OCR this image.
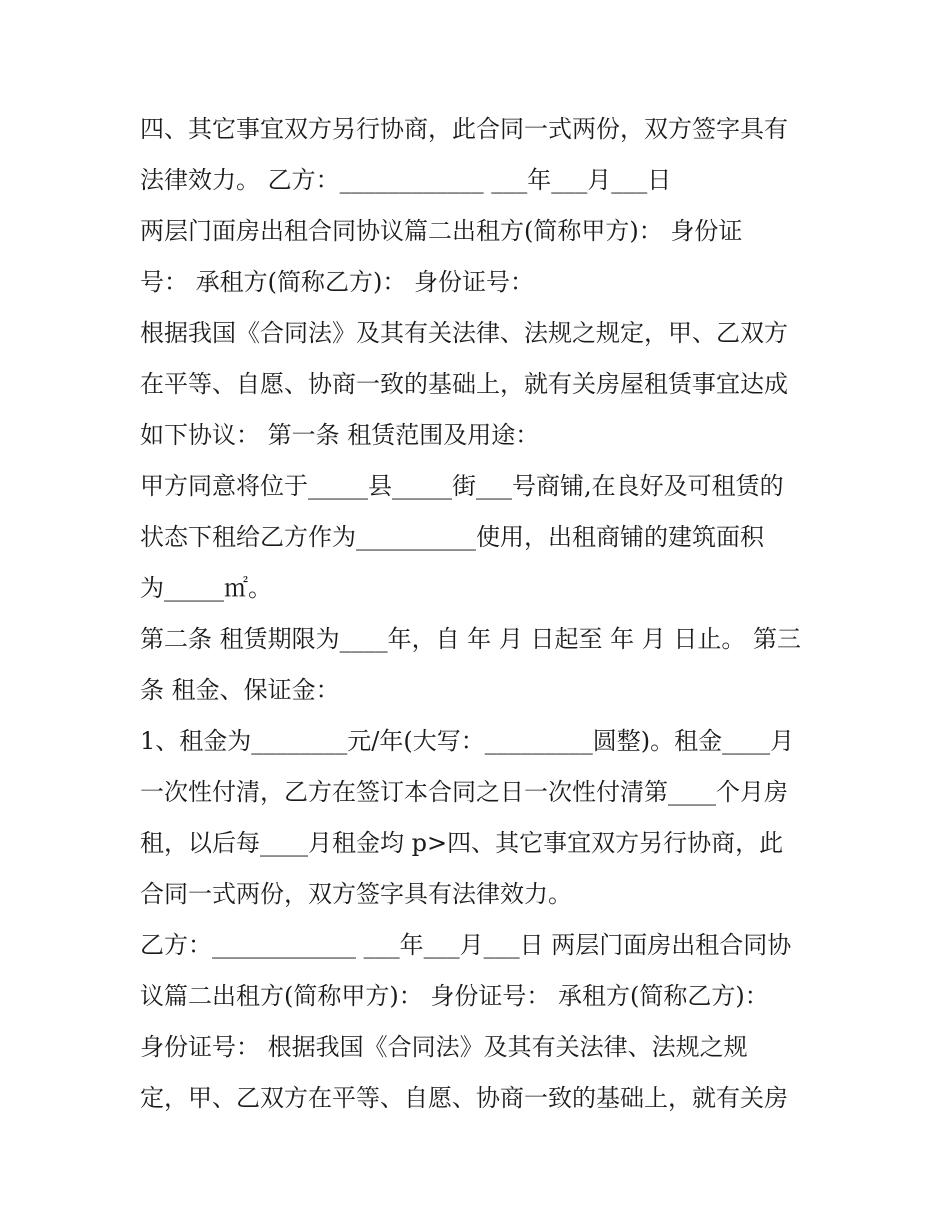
四、其它事宜双方另行协商，此合同一式两份，双方签字具有
法律效力。 乙方：____________ ___年___月___日
两层门面房出租合同协议篇二出租方(简称甲方)： 身份证
号： 承租方(简称乙方)： 身份证号：
根据我国《合同法》及其有关法律、法规之规定，甲、乙双方
在平等、自愿、协商一致的基础上，就有关房屋租赁事宜达成
如下协议： 第一条 租赁范围及用途：
甲方同意将位于_____县_____街___号商铺,在良好及可租赁的
状态下租给乙方作为__________使用，出租商铺的建筑面积
为_____㎡。
第二条 租赁期限为____年，自 年 月 日起至 年 月 日止。 第三
条 租金、保证金：
1、租金为________元/年(大写：_________圆整)。租金____月
一次性付清，乙方在签订本合同之日一次性付清第____个月房
租，以后每____月租金均 p>四、其它事宜双方另行协商，此
合同一式两份，双方签字具有法律效力。
乙方：____________ ___年___月___日 两层门面房出租合同协
议篇二出租方(简称甲方)： 身份证号： 承租方(简称乙方)：
身份证号： 根据我国《合同法》及其有关法律、法规之规
定，甲、乙双方在平等、自愿、协商一致的基础上，就有关房
